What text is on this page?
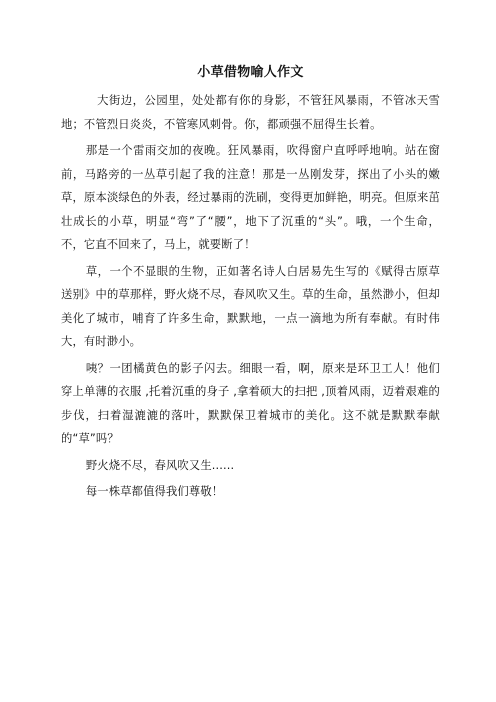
小草借物喻人作文

大街边，公园里，处处都有你的身影，不管狂风暴雨，不管冰天雪地；不管烈日炎炎，不管寒风刺骨。你，都顽强不屈得生长着。

那是一个雷雨交加的夜晚。狂风暴雨，吹得窗户直呼呼地响。站在窗前，马路旁的一丛草引起了我的注意！那是一丛刚发芽，探出了小头的嫩草，原本淡绿色的外表，经过暴雨的洗刷，变得更加鲜艳，明亮。但原来茁壮成长的小草，明显“弯”了“腰”，地下了沉重的“头”。哦，一个生命，不，它直不回来了，马上，就要断了！

草，一个不显眼的生物，正如著名诗人白居易先生写的《赋得古原草送别》中的草那样，野火烧不尽，春风吹又生。草的生命，虽然渺小，但却美化了城市，哺育了许多生命，默默地，一点一滴地为所有奉献。有时伟大，有时渺小。

咦？一团橘黄色的影子闪去。细眼一看，啊，原来是环卫工人！他们穿上单薄的衣服 ,托着沉重的身子 ,拿着硕大的扫把 ,顶着风雨，迈着艰难的步伐，扫着湿漉漉的落叶，默默保卫着城市的美化。这不就是默默奉献的“草”吗？

野火烧不尽，春风吹又生......

每一株草都值得我们尊敬！
